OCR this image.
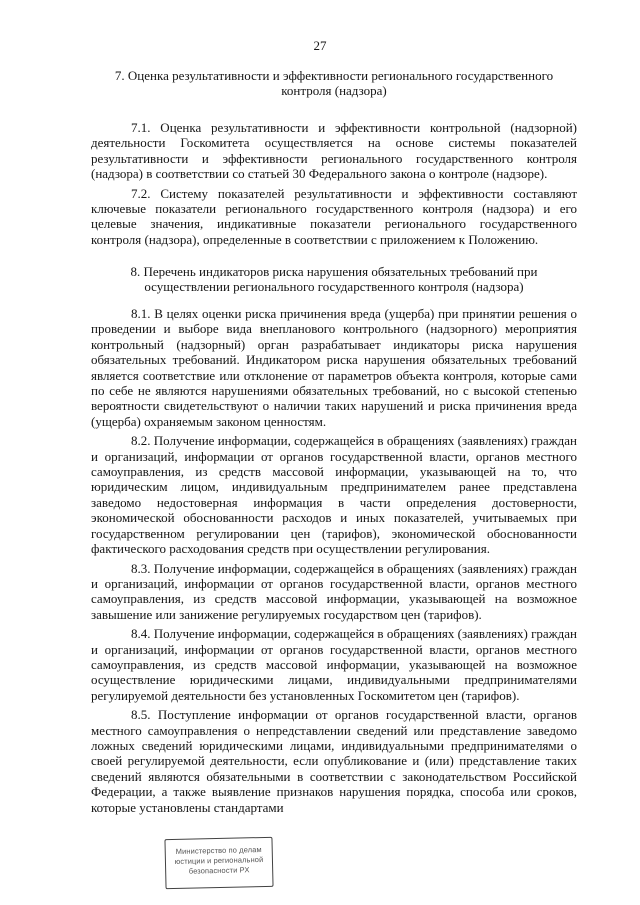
27
7. Оценка результативности и эффективности регионального государственного контроля (надзора)

7.1. Оценка результативности и эффективности контрольной (надзорной) деятельности Госкомитета осуществляется на основе системы показателей результативности и эффективности регионального государственного контроля (надзора) в соответствии со статьей 30 Федерального закона о контроле (надзоре).

7.2. Систему показателей результативности и эффективности составляют ключевые показатели регионального государственного контроля (надзора) и его целевые значения, индикативные показатели регионального государственного контроля (надзора), определенные в соответствии с приложением к Положению.

8. Перечень индикаторов риска нарушения обязательных требований при осуществлении регионального государственного контроля (надзора)

8.1. В целях оценки риска причинения вреда (ущерба) при принятии решения о проведении и выборе вида внепланового контрольного (надзорного) мероприятия контрольный (надзорный) орган разрабатывает индикаторы риска нарушения обязательных требований. Индикатором риска нарушения обязательных требований является соответствие или отклонение от параметров объекта контроля, которые сами по себе не являются нарушениями обязательных требований, но с высокой степенью вероятности свидетельствуют о наличии таких нарушений и риска причинения вреда (ущерба) охраняемым законом ценностям.

8.2. Получение информации, содержащейся в обращениях (заявлениях) граждан и организаций, информации от органов государственной власти, органов местного самоуправления, из средств массовой информации, указывающей на то, что юридическим лицом, индивидуальным предпринимателем ранее представлена заведомо недостоверная информация в части определения достоверности, экономической обоснованности расходов и иных показателей, учитываемых при государственном регулировании цен (тарифов), экономической обоснованности фактического расходования средств при осуществлении регулирования.

8.3. Получение информации, содержащейся в обращениях (заявлениях) граждан и организаций, информации от органов государственной власти, органов местного самоуправления, из средств массовой информации, указывающей на возможное завышение или занижение регулируемых государством цен (тарифов).

8.4. Получение информации, содержащейся в обращениях (заявлениях) граждан и организаций, информации от органов государственной власти, органов местного самоуправления, из средств массовой информации, указывающей на возможное осуществление юридическими лицами, индивидуальными предпринимателями регулируемой деятельности без установленных Госкомитетом цен (тарифов).

8.5. Поступление информации от органов государственной власти, органов местного самоуправления о непредставлении сведений или представление заведомо ложных сведений юридическими лицами, индивидуальными предпринимателями о своей регулируемой деятельности, если опубликование и (или) представление таких сведений являются обязательными в соответствии с законодательством Российской Федерации, а также выявление признаков нарушения порядка, способа или сроков, которые установлены стандартами

Министерство по делам
юстиции и региональной
безопасности РХ
